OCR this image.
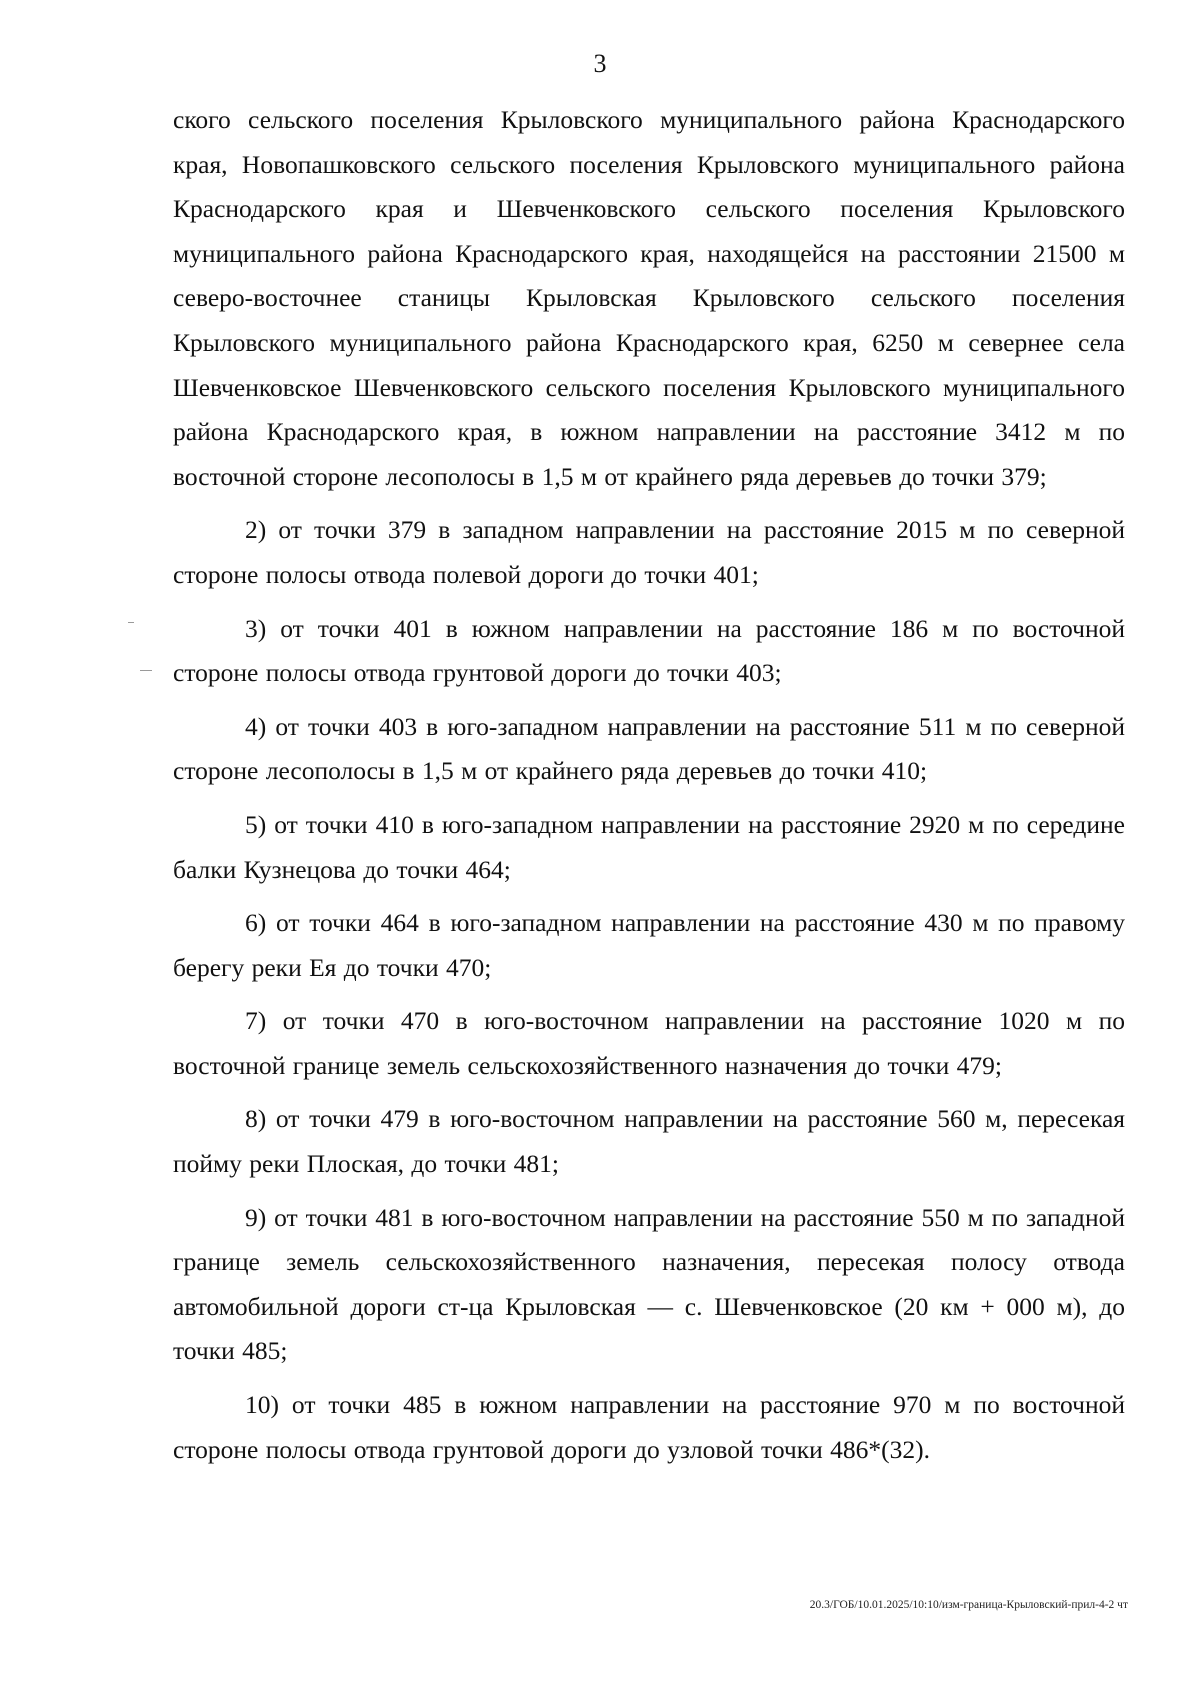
3

ского сельского поселения Крыловского муниципального района Краснодарского края, Новопашковского сельского поселения Крыловского муниципального района Краснодарского края и Шевченковского сельского поселения Крыловского муниципального района Краснодарского края, находящейся на расстоянии 21500 м северо-восточнее станицы Крыловская Крыловского сельского поселения Крыловского муниципального района Краснодарского края, 6250 м севернее села Шевченковское Шевченковского сельского поселения Крыловского муниципального района Краснодарского края, в южном направлении на расстояние 3412 м по восточной стороне лесополосы в 1,5 м от крайнего ряда деревьев до точки 379;

2) от точки 379 в западном направлении на расстояние 2015 м по северной стороне полосы отвода полевой дороги до точки 401;

3) от точки 401 в южном направлении на расстояние 186 м по восточной стороне полосы отвода грунтовой дороги до точки 403;

4) от точки 403 в юго-западном направлении на расстояние 511 м по северной стороне лесополосы в 1,5 м от крайнего ряда деревьев до точки 410;

5) от точки 410 в юго-западном направлении на расстояние 2920 м по середине балки Кузнецова до точки 464;

6) от точки 464 в юго-западном направлении на расстояние 430 м по правому берегу реки Ея до точки 470;

7) от точки 470 в юго-восточном направлении на расстояние 1020 м по восточной границе земель сельскохозяйственного назначения до точки 479;

8) от точки 479 в юго-восточном направлении на расстояние 560 м, пересекая пойму реки Плоская, до точки 481;

9) от точки 481 в юго-восточном направлении на расстояние 550 м по западной границе земель сельскохозяйственного назначения, пересекая полосу отвода автомобильной дороги ст-ца Крыловская — с. Шевченковское (20 км + 000 м), до точки 485;

10) от точки 485 в южном направлении на расстояние 970 м по восточной стороне полосы отвода грунтовой дороги до узловой точки 486*(32).

20.3/ГОБ/10.01.2025/10:10/изм-граница-Крыловский-прил-4-2 чт
